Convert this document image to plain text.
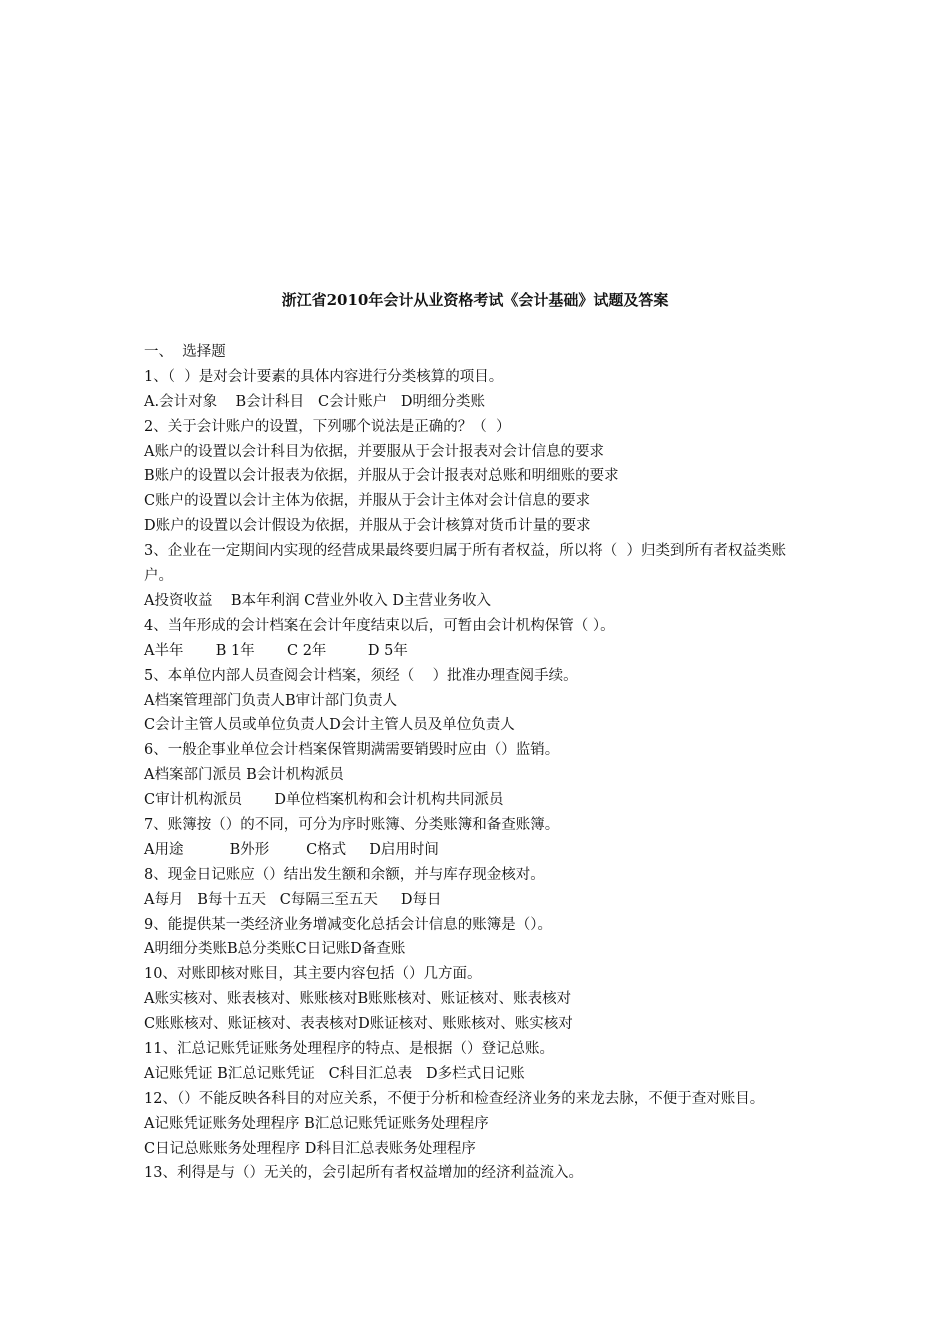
浙江省2010年会计从业资格考试《会计基础》试题及答案
一、  选择题
1、（  ）是对会计要素的具体内容进行分类核算的项目。
A.会计对象    B会计科目   C会计账户   D明细分类账
2、关于会计账户的设置，下列哪个说法是正确的？（  ）
A账户的设置以会计科目为依据，并要服从于会计报表对会计信息的要求
B账户的设置以会计报表为依据，并服从于会计报表对总账和明细账的要求
C账户的设置以会计主体为依据，并服从于会计主体对会计信息的要求
D账户的设置以会计假设为依据，并服从于会计核算对货币计量的要求
3、企业在一定期间内实现的经营成果最终要归属于所有者权益，所以将（  ）归类到所有者权益类账户。
A投资收益    B本年利润 C营业外收入 D主营业务收入
4、当年形成的会计档案在会计年度结束以后，可暂由会计机构保管（ ）。
A半年       B 1年       C 2年         D 5年
5、本单位内部人员查阅会计档案，须经（    ）批准办理查阅手续。
A档案管理部门负责人B审计部门负责人
C会计主管人员或单位负责人D会计主管人员及单位负责人
6、一般企事业单位会计档案保管期满需要销毁时应由（）监销。
A档案部门派员 B会计机构派员
C审计机构派员       D单位档案机构和会计机构共同派员
7、账簿按（）的不同，可分为序时账簿、分类账簿和备查账簿。
A用途          B外形        C格式     D启用时间
8、现金日记账应（）结出发生额和余额，并与库存现金核对。
A每月   B每十五天   C每隔三至五天     D每日
9、能提供某一类经济业务增减变化总括会计信息的账簿是（）。
A明细分类账B总分类账C日记账D备查账
10、对账即核对账目，其主要内容包括（）几方面。
A账实核对、账表核对、账账核对B账账核对、账证核对、账表核对
C账账核对、账证核对、表表核对D账证核对、账账核对、账实核对
11、汇总记账凭证账务处理程序的特点、是根据（）登记总账。
A记账凭证 B汇总记账凭证   C科目汇总表   D多栏式日记账
12、（）不能反映各科目的对应关系，不便于分析和检查经济业务的来龙去脉，不便于查对账目。
A记账凭证账务处理程序 B汇总记账凭证账务处理程序
C日记总账账务处理程序 D科目汇总表账务处理程序
13、利得是与（）无关的，会引起所有者权益增加的经济利益流入。
